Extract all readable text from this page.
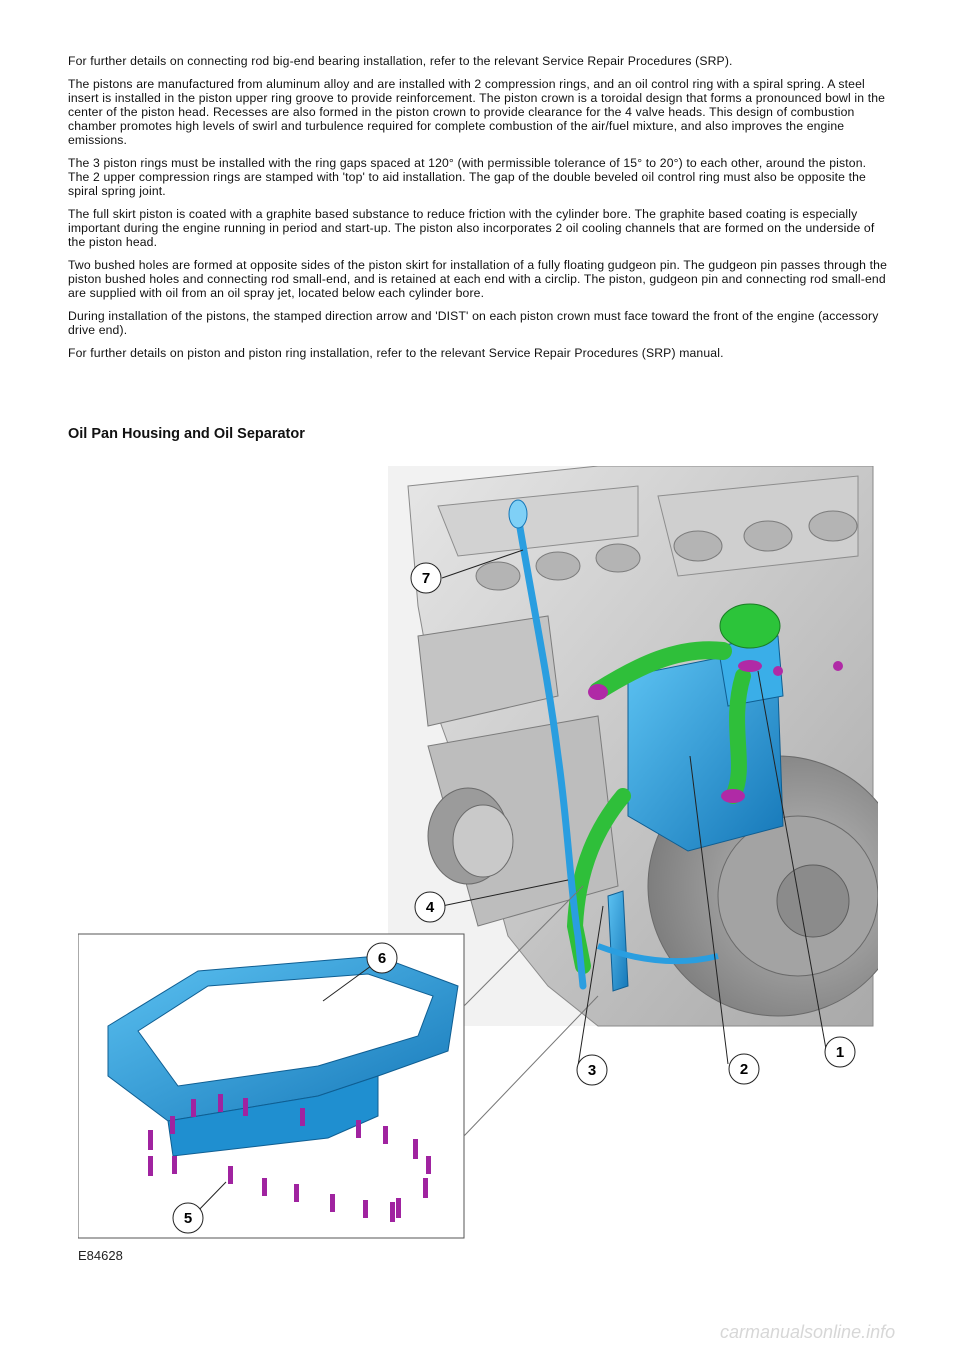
For further details on connecting rod big-end bearing installation, refer to the relevant Service Repair Procedures (SRP).

The pistons are manufactured from aluminum alloy and are installed with 2 compression rings, and an oil control ring with a spiral spring. A steel insert is installed in the piston upper ring groove to provide reinforcement. The piston crown is a toroidal design that forms a pronounced bowl in the center of the piston head. Recesses are also formed in the piston crown to provide clearance for the 4 valve heads. This design of combustion chamber promotes high levels of swirl and turbulence required for complete combustion of the air/fuel mixture, and also improves the engine emissions.

The 3 piston rings must be installed with the ring gaps spaced at 120° (with permissible tolerance of 15° to 20°) to each other, around the piston. The 2 upper compression rings are stamped with 'top' to aid installation. The gap of the double beveled oil control ring must also be opposite the spiral spring joint.

The full skirt piston is coated with a graphite based substance to reduce friction with the cylinder bore. The graphite based coating is especially important during the engine running in period and start-up. The piston also incorporates 2 oil cooling channels that are formed on the underside of the piston head.

Two bushed holes are formed at opposite sides of the piston skirt for installation of a fully floating gudgeon pin. The gudgeon pin passes through the piston bushed holes and connecting rod small-end, and is retained at each end with a circlip. The piston, gudgeon pin and connecting rod small-end are supplied with oil from an oil spray jet, located below each cylinder bore.

During installation of the pistons, the stamped direction arrow and 'DIST' on each piston crown must face toward the front of the engine (accessory drive end).

For further details on piston and piston ring installation, refer to the relevant Service Repair Procedures (SRP) manual.

Oil Pan Housing and Oil Separator
7
4
6
1
2
3
5
E84628
carmanualsonline.info
